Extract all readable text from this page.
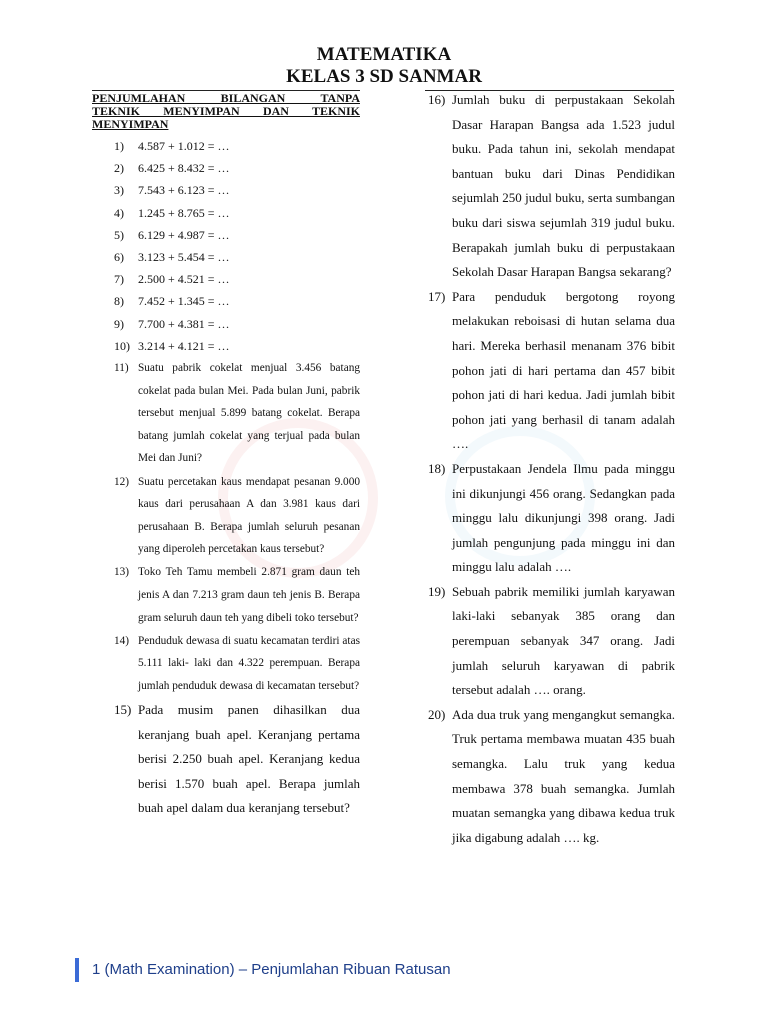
MATEMATIKA
KELAS 3 SD SANMAR
PENJUMLAHAN BILANGAN TANPA
TEKNIK MENYIMPAN DAN TEKNIK
MENYIMPAN
1) 4.587 + 1.012 = …
2) 6.425 + 8.432 = …
3) 7.543 + 6.123 = …
4) 1.245 + 8.765 = …
5) 6.129 + 4.987 = …
6) 3.123 + 5.454 = …
7) 2.500 + 4.521 = …
8) 7.452 + 1.345 = …
9) 7.700 + 4.381 = …
10) 3.214 + 4.121 = …
11) Suatu pabrik cokelat menjual 3.456 batang cokelat pada bulan Mei. Pada bulan Juni, pabrik tersebut menjual 5.899 batang cokelat. Berapa batang jumlah cokelat yang terjual pada bulan Mei dan Juni?
12) Suatu percetakan kaus mendapat pesanan 9.000 kaus dari perusahaan A dan 3.981 kaus dari perusahaan B. Berapa jumlah seluruh pesanan yang diperoleh percetakan kaus tersebut?
13) Toko Teh Tamu membeli 2.871 gram daun teh jenis A dan 7.213 gram daun teh jenis B. Berapa gram seluruh daun teh yang dibeli toko tersebut?
14) Penduduk dewasa di suatu kecamatan terdiri atas 5.111 laki- laki dan 4.322 perempuan. Berapa jumlah penduduk dewasa di kecamatan tersebut?
15) Pada musim panen dihasilkan dua keranjang buah apel. Keranjang pertama berisi 2.250 buah apel. Keranjang kedua berisi 1.570 buah apel. Berapa jumlah buah apel dalam dua keranjang tersebut?
16) Jumlah buku di perpustakaan Sekolah Dasar Harapan Bangsa ada 1.523 judul buku. Pada tahun ini, sekolah mendapat bantuan buku dari Dinas Pendidikan sejumlah 250 judul buku, serta sumbangan buku dari siswa sejumlah 319 judul buku. Berapakah jumlah buku di perpustakaan Sekolah Dasar Harapan Bangsa sekarang?
17) Para penduduk bergotong royong melakukan reboisasi di hutan selama dua hari. Mereka berhasil menanam 376 bibit pohon jati di hari pertama dan 457 bibit pohon jati di hari kedua. Jadi jumlah bibit pohon jati yang berhasil di tanam adalah ….
18) Perpustakaan Jendela Ilmu pada minggu ini dikunjungi 456 orang. Sedangkan pada minggu lalu dikunjungi 398 orang. Jadi jumlah pengunjung pada minggu ini dan minggu lalu adalah ….
19) Sebuah pabrik memiliki jumlah karyawan laki-laki sebanyak 385 orang dan perempuan sebanyak 347 orang. Jadi jumlah seluruh karyawan di pabrik tersebut adalah …. orang.
20) Ada dua truk yang mengangkut semangka. Truk pertama membawa muatan 435 buah semangka. Lalu truk yang kedua membawa 378 buah semangka. Jumlah muatan semangka yang dibawa kedua truk jika digabung adalah …. kg.
1 (Math Examination) – Penjumlahan Ribuan Ratusan
